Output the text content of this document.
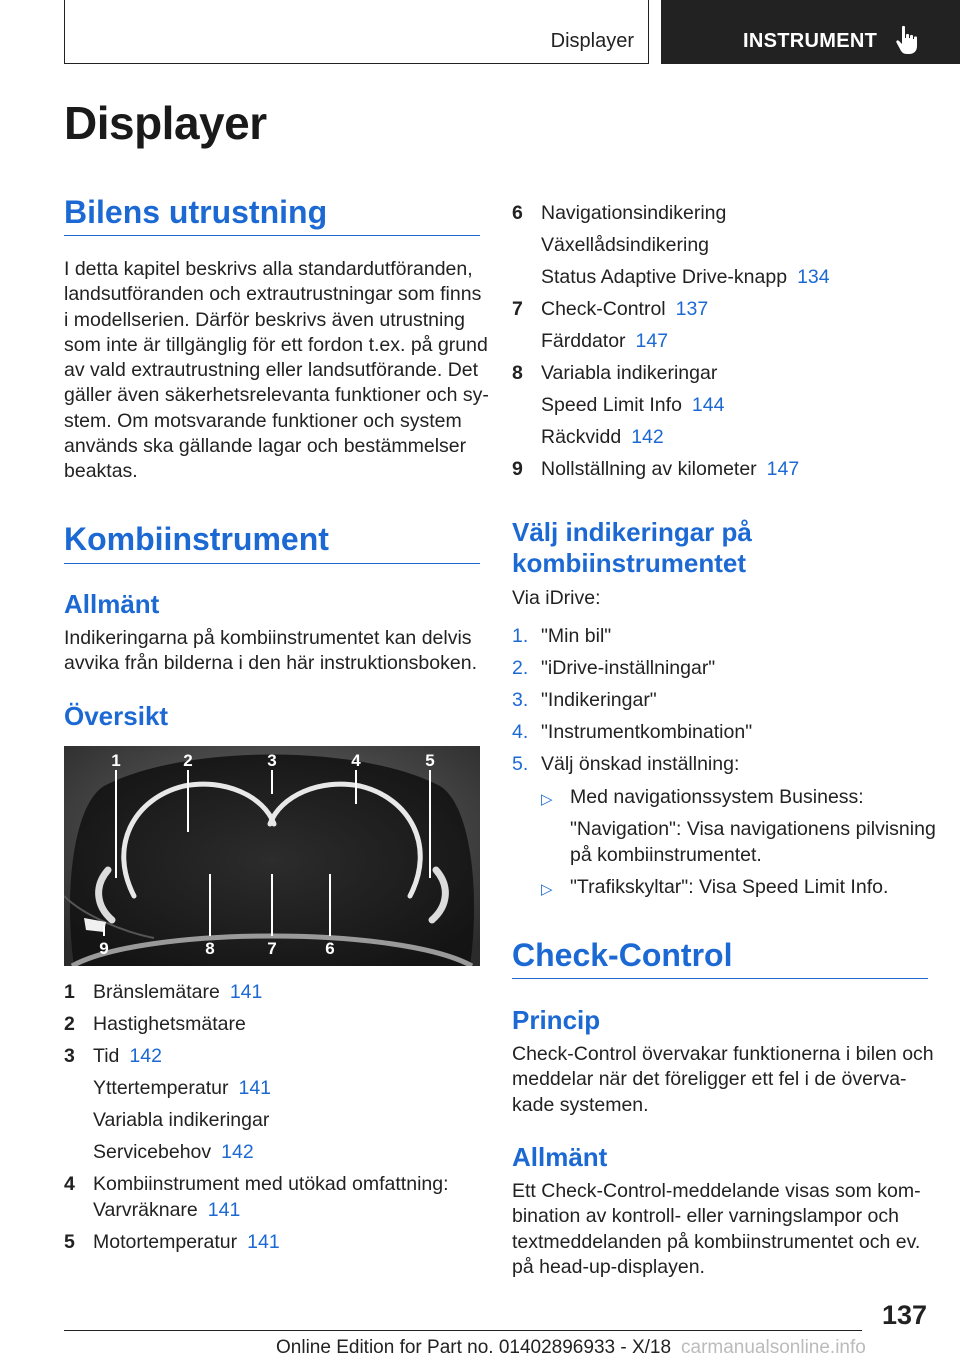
Displayer	INSTRUMENT
Displayer
Bilens utrustning
I detta kapitel beskrivs alla standardutföranden,
landsutföranden och extrautrustningar som finns
i modellserien. Därför beskrivs även utrustning
som inte är tillgänglig för ett fordon t.ex. på grund
av vald extrautrustning eller landsutförande. Det
gäller även säkerhetsrelevanta funktioner och sy‐
stem. Om motsvarande funktioner och system
används ska gällande lagar och bestämmelser
beaktas.
Kombiinstrument
Allmänt
Indikeringarna på kombiinstrumentet kan delvis
avvika från bilderna i den här instruktionsboken.
Översikt
1	2	3	4	5
9	8	7	6
1 Bränslemätare 141
2 Hastighetsmätare
3 Tid 142
Yttertemperatur 141
Variabla indikeringar
Servicebehov 142
4 Kombiinstrument med utökad omfattning:
Varvräknare 141
5 Motortemperatur 141
6 Navigationsindikering
Växellådsindikering
Status Adaptive Drive-knapp 134
7 Check-Control 137
Färddator 147
8 Variabla indikeringar
Speed Limit Info 144
Räckvidd 142
9 Nollställning av kilometer 147
Välj indikeringar på
kombiinstrumentet
Via iDrive:
1. "Min bil"
2. "iDrive-inställningar"
3. "Indikeringar"
4. "Instrumentkombination"
5. Välj önskad inställning:
▷ Med navigationssystem Business:
"Navigation": Visa navigationens pilvisning
på kombiinstrumentet.
▷ "Trafikskyltar": Visa Speed Limit Info.
Check-Control
Princip
Check-Control övervakar funktionerna i bilen och
meddelar när det föreligger ett fel i de överva‐
kade systemen.
Allmänt
Ett Check-Control-meddelande visas som kom‐
bination av kontroll- eller varningslampor och
textmeddelanden på kombiinstrumentet och ev.
på head-up-displayen.
137
Online Edition for Part no. 01402896933 - X/18 carmanualsonline.info
